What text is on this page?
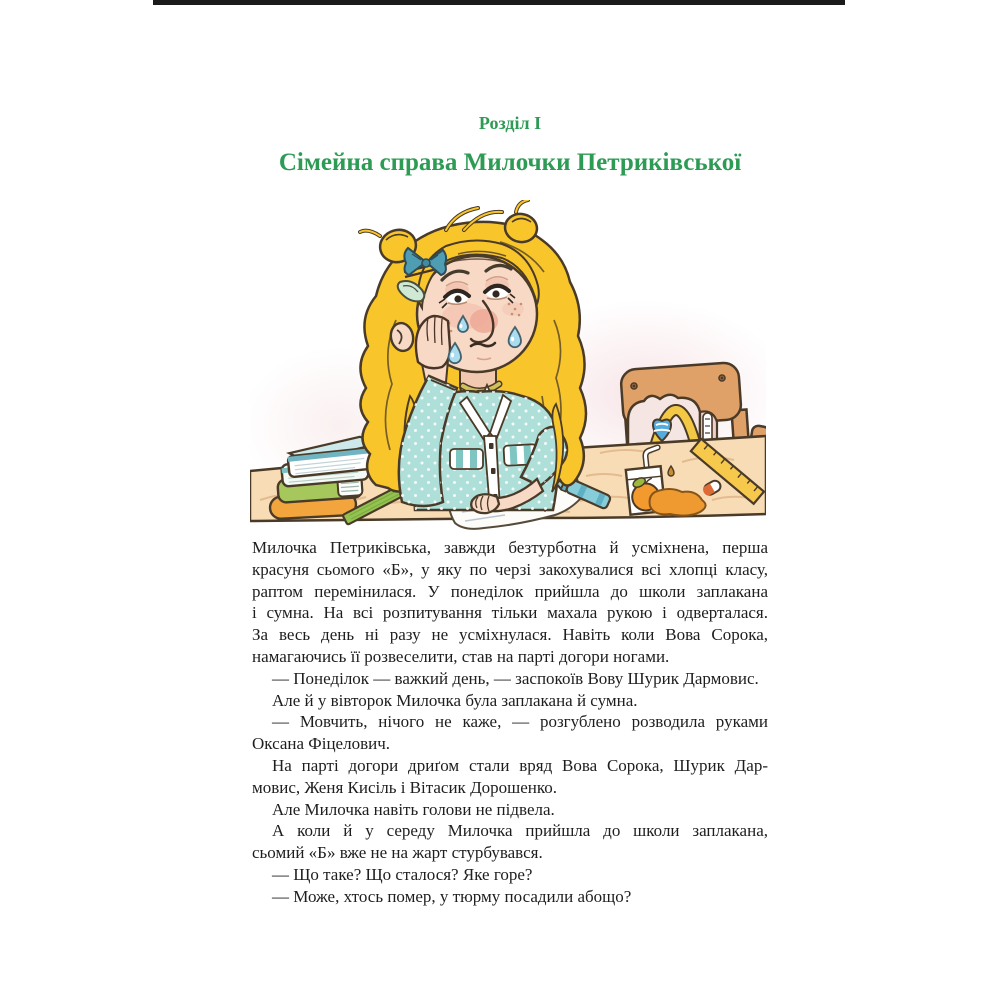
Розділ І
Сімейна справа Милочки Петриківської
Милочка Петриківська, завжди безтурботна й усміхнена, перша
красуня сьомого «Б», у яку по черзі закохувалися всі хлопці класу,
раптом перемінилася. У понеділок прийшла до школи заплакана
і сумна. На всі розпитування тільки махала рукою і одверталася.
За весь день ні разу не усміхнулася. Навіть коли Вова Сорока,
намагаючись її розвеселити, став на парті догори ногами.
— Понеділок — важкий день, — заспокоїв Вову Шурик Дармовис.
Але й у вівторок Милочка була заплакана й сумна.
— Мовчить, нічого не каже, — розгублено розводила руками
Оксана Фіцелович.
На парті догори дриґом стали вряд Вова Сорока, Шурик Дар-
мовис, Женя Кисіль і Вітасик Дорошенко.
Але Милочка навіть голови не підвела.
А коли й у середу Милочка прийшла до школи заплакана,
сьомий «Б» вже не на жарт стурбувався.
— Що таке? Що сталося? Яке горе?
— Може, хтось помер, у тюрму посадили абощо?
